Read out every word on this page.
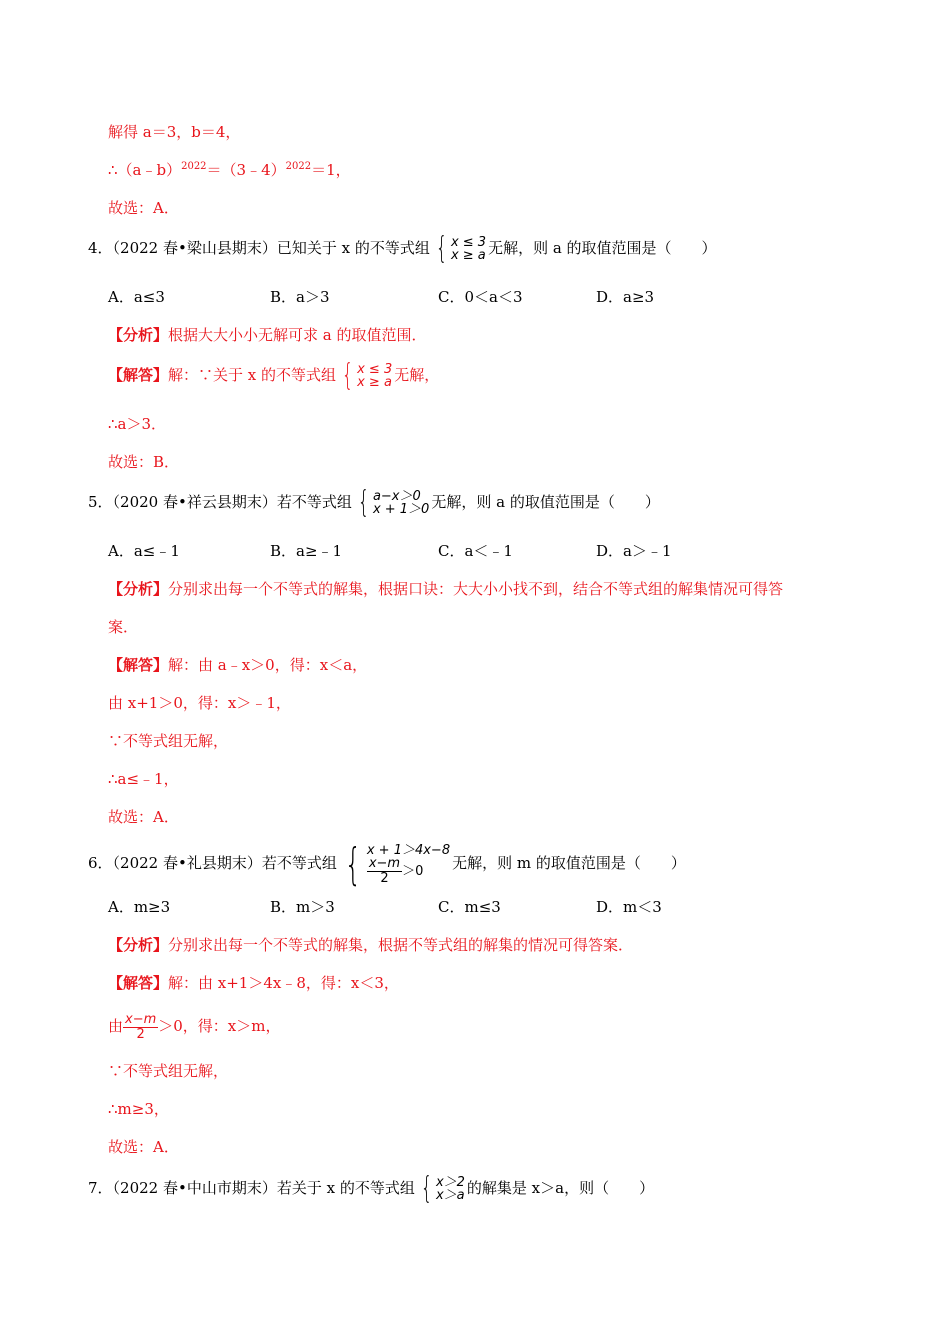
解得 a＝3，b＝4，
∴（a﹣b）$^{2022}$＝（3﹣4）$^{2022}$＝1，
故选：A．
4．（2022 春•梁山县期末）已知关于 x 的不等式组 { x ≤ 3
x ≥ a 无解，则 a 的取值范围是（　　）
A．a≤3	B．a＞3	C．0＜a＜3	D．a≥3
【分析】根据大大小小无解可求 a 的取值范围．
【解答】解：∵关于 x 的不等式组 { x ≤ 3
x ≥ a 无解，
∴a＞3．
故选：B．
5．（2020 春•祥云县期末）若不等式组 { a−x＞0
x + 1＞0 无解，则 a 的取值范围是（　　）
A．a≤﹣1	B．a≥﹣1	C．a＜﹣1	D．a＞﹣1
【分析】分别求出每一个不等式的解集，根据口诀：大大小小找不到，结合不等式组的解集情况可得答
案．
【解答】解：由 a﹣x＞0，得：x＜a，
由 x+1＞0，得：x＞﹣1，
∵不等式组无解，
∴a≤﹣1，
故选：A．
6．（2022 春•礼县期末）若不等式组 { x + 1＞4x−8

$\frac{x-m}{2} >0$ 无解，则 m 的取值范围是（　　）
A．m≥3	B．m＞3	C．m≤3	D．m＜3
【分析】分别求出每一个不等式的解集，根据不等式组的解集的情况可得答案．
【解答】解：由 x+1＞4x﹣8，得：x＜3，
由 $\frac{x-m}{2} >0$，得：x＞m，
∵不等式组无解，
∴m≥3，
故选：A．
7．（2022 春•中山市期末）若关于 x 的不等式组 { x＞2
x＞a 的解集是 x＞a，则（　　）
